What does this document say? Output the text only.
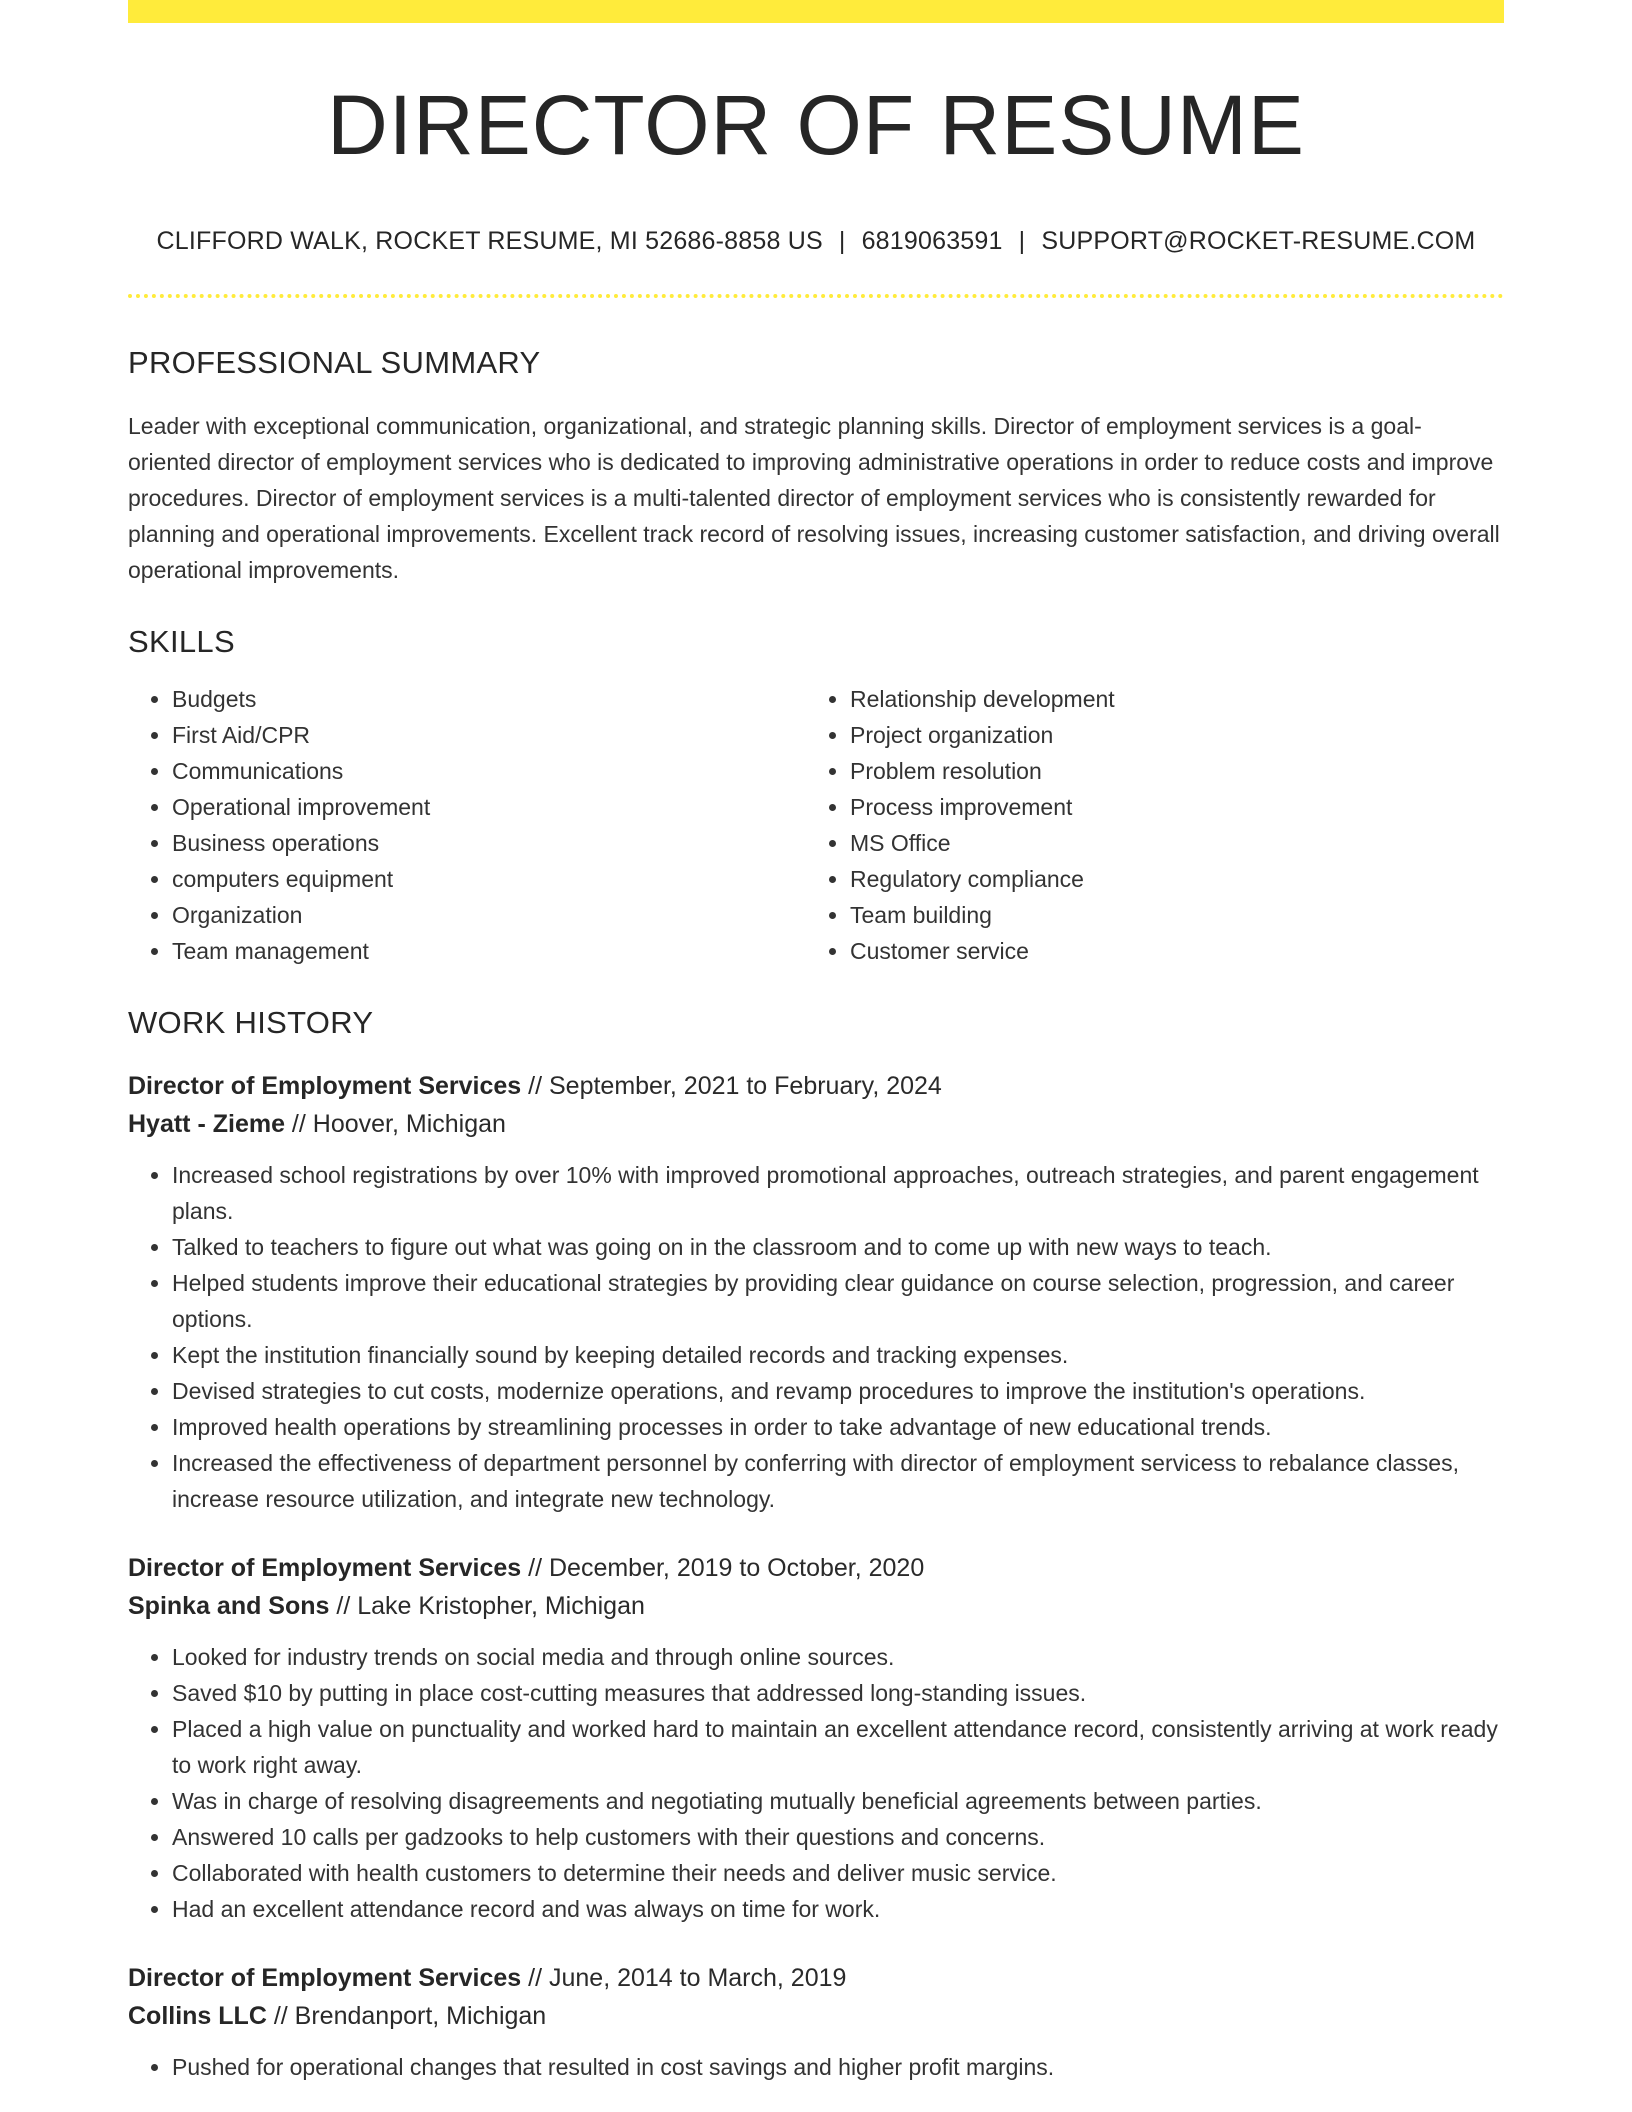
DIRECTOR OF RESUME
CLIFFORD WALK, ROCKET RESUME, MI 52686-8858 US | 6819063591 | SUPPORT@ROCKET-RESUME.COM
PROFESSIONAL SUMMARY

Leader with exceptional communication, organizational, and strategic planning skills. Director of employment services is a goal-oriented director of employment services who is dedicated to improving administrative operations in order to reduce costs and improve procedures. Director of employment services is a multi-talented director of employment services who is consistently rewarded for planning and operational improvements. Excellent track record of resolving issues, increasing customer satisfaction, and driving overall operational improvements.

SKILLS
• Budgets
• First Aid/CPR
• Communications
• Operational improvement
• Business operations
• computers equipment
• Organization
• Team management
• Relationship development
• Project organization
• Problem resolution
• Process improvement
• MS Office
• Regulatory compliance
• Team building
• Customer service
WORK HISTORY
Director of Employment Services // September, 2021 to February, 2024
Hyatt - Zieme // Hoover, Michigan
• Increased school registrations by over 10% with improved promotional approaches, outreach strategies, and parent engagement plans.
• Talked to teachers to figure out what was going on in the classroom and to come up with new ways to teach.
• Helped students improve their educational strategies by providing clear guidance on course selection, progression, and career options.
• Kept the institution financially sound by keeping detailed records and tracking expenses.
• Devised strategies to cut costs, modernize operations, and revamp procedures to improve the institution's operations.
• Improved health operations by streamlining processes in order to take advantage of new educational trends.
• Increased the effectiveness of department personnel by conferring with director of employment servicess to rebalance classes, increase resource utilization, and integrate new technology.
Director of Employment Services // December, 2019 to October, 2020
Spinka and Sons // Lake Kristopher, Michigan
• Looked for industry trends on social media and through online sources.
• Saved $10 by putting in place cost-cutting measures that addressed long-standing issues.
• Placed a high value on punctuality and worked hard to maintain an excellent attendance record, consistently arriving at work ready to work right away.
• Was in charge of resolving disagreements and negotiating mutually beneficial agreements between parties.
• Answered 10 calls per gadzooks to help customers with their questions and concerns.
• Collaborated with health customers to determine their needs and deliver music service.
• Had an excellent attendance record and was always on time for work.
Director of Employment Services // June, 2014 to March, 2019
Collins LLC // Brendanport, Michigan
• Pushed for operational changes that resulted in cost savings and higher profit margins.
